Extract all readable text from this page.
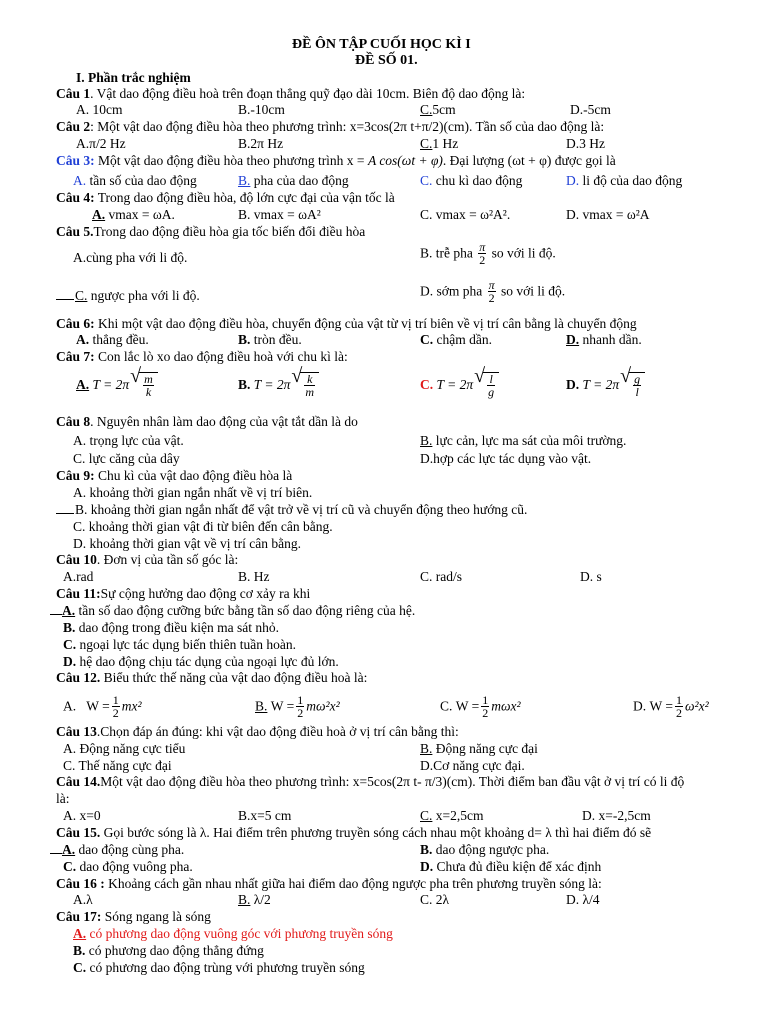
ĐỀ ÔN TẬP CUỐI HỌC KÌ I
ĐỀ SỐ 01.
I. Phần trắc nghiệm
Câu 1. Vật dao động điều hoà trên đoạn thẳng quỹ đạo dài 10cm. Biên độ dao động là:
A. 10cm	B.-10cm	C.5cm	D.-5cm
Câu 2: Một vật dao động điều hòa theo phương trình: x=3cos(2π t+π/2)(cm). Tần số của dao động là:
A.π/2 Hz	B.2π Hz	C.1 Hz	D.3 Hz
Câu 3: Một vật dao động điều hòa theo phương trình x = A cos(ωt + φ). Đại lượng (ωt + φ) được gọi là
A. tần số của dao động	B. pha của dao động	C. chu kì dao động	D. li độ của dao động
Câu 4: Trong dao động điều hòa, độ lớn cực đại của vận tốc là
A. vmax = ωA.	B. vmax = ωA²	C. vmax = ω²A².	D. vmax = ω²A
Câu 5.Trong dao động điều hòa gia tốc biến đổi điều hòa
A.cùng pha với li độ.	B. trễ pha $\frac{\pi}{2}$ so với li độ.
C. ngược pha với li độ.	D. sớm pha $\frac{\pi}{2}$ so với li độ.
Câu 6: Khi một vật dao động điều hòa, chuyển động của vật từ vị trí biên về vị trí cân bằng là chuyển động
A. thẳng đều.	B. tròn đều.	C. chậm dần.	D. nhanh dần.
Câu 7: Con lắc lò xo dao động điều hoà với chu kì là:
A. T = 2π √ $\frac{m}{k}$	B. T = 2π √ $\frac{k}{m}$	C. T = 2π √ $\frac{l}{g}$	D. T = 2π √ $\frac{g}{l}$
Câu 8. Nguyên nhân làm dao động của vật tắt dần là do
A. trọng lực của vật.	B. lực cản, lực ma sát của môi trường.
C. lực căng của dây	D.hợp các lực tác dụng vào vật.
Câu 9: Chu kì của vật dao động điều hòa là
A. khoảng thời gian ngắn nhất về vị trí biên.
B. khoảng thời gian ngắn nhất để vật trở về vị trí cũ và chuyển động theo hướng cũ.
C. khoảng thời gian vật đi từ biên đến cân bằng.
D. khoảng thời gian vật về vị trí cân bằng.
Câu 10. Đơn vị của tần số góc là:
A.rad	B. Hz	C. rad/s	D. s
Câu 11:Sự cộng hưởng dao động cơ xảy ra khi
A. tần số dao động cưỡng bức bằng tần số dao động riêng của hệ.
B. dao động trong điều kiện ma sát nhỏ.
C. ngoại lực tác dụng biến thiên tuần hoàn.
D. hệ dao động chịu tác dụng của ngoại lực đủ lớn.
Câu 12. Biểu thức thế năng của vật dao động điều hoà là:
A. $W = \frac{1}{2} mx^2$	B. $W = \frac{1}{2} m\omega^2x^2$	C. $W = \frac{1}{2} m\omega x^2$	D. $W = \frac{1}{2} \omega^2x^2$
Câu 13.Chọn đáp án đúng: khi vật dao động điều hoà ở vị trí cân bằng thì:
A. Động năng cực tiểu	B. Động năng cực đại
C. Thế năng cực đại	D.Cơ năng cực đại.
Câu 14.Một vật dao động điều hòa theo phương trình: x=5cos(2π t- π/3)(cm). Thời điểm ban đầu vật ở vị trí có li độ
là:
A. x=0	B.x=5 cm	C. x=2,5cm	D. x=-2,5cm
Câu 15. Gọi bước sóng là λ. Hai điểm trên phương truyền sóng cách nhau một khoảng d= λ thì hai điểm đó sẽ
A. dao động cùng pha.	B. dao động ngược pha.
C. dao động vuông pha.	D. Chưa đủ điều kiện để xác định
Câu 16 : Khoảng cách gần nhau nhất giữa hai điểm dao động ngược pha trên phương truyền sóng là:
A.λ	B. λ/2	C. 2λ	D. λ/4
Câu 17: Sóng ngang là sóng
A. có phương dao động vuông góc với phương truyền sóng
B. có phương dao động thẳng đứng
C. có phương dao động trùng với phương truyền sóng
